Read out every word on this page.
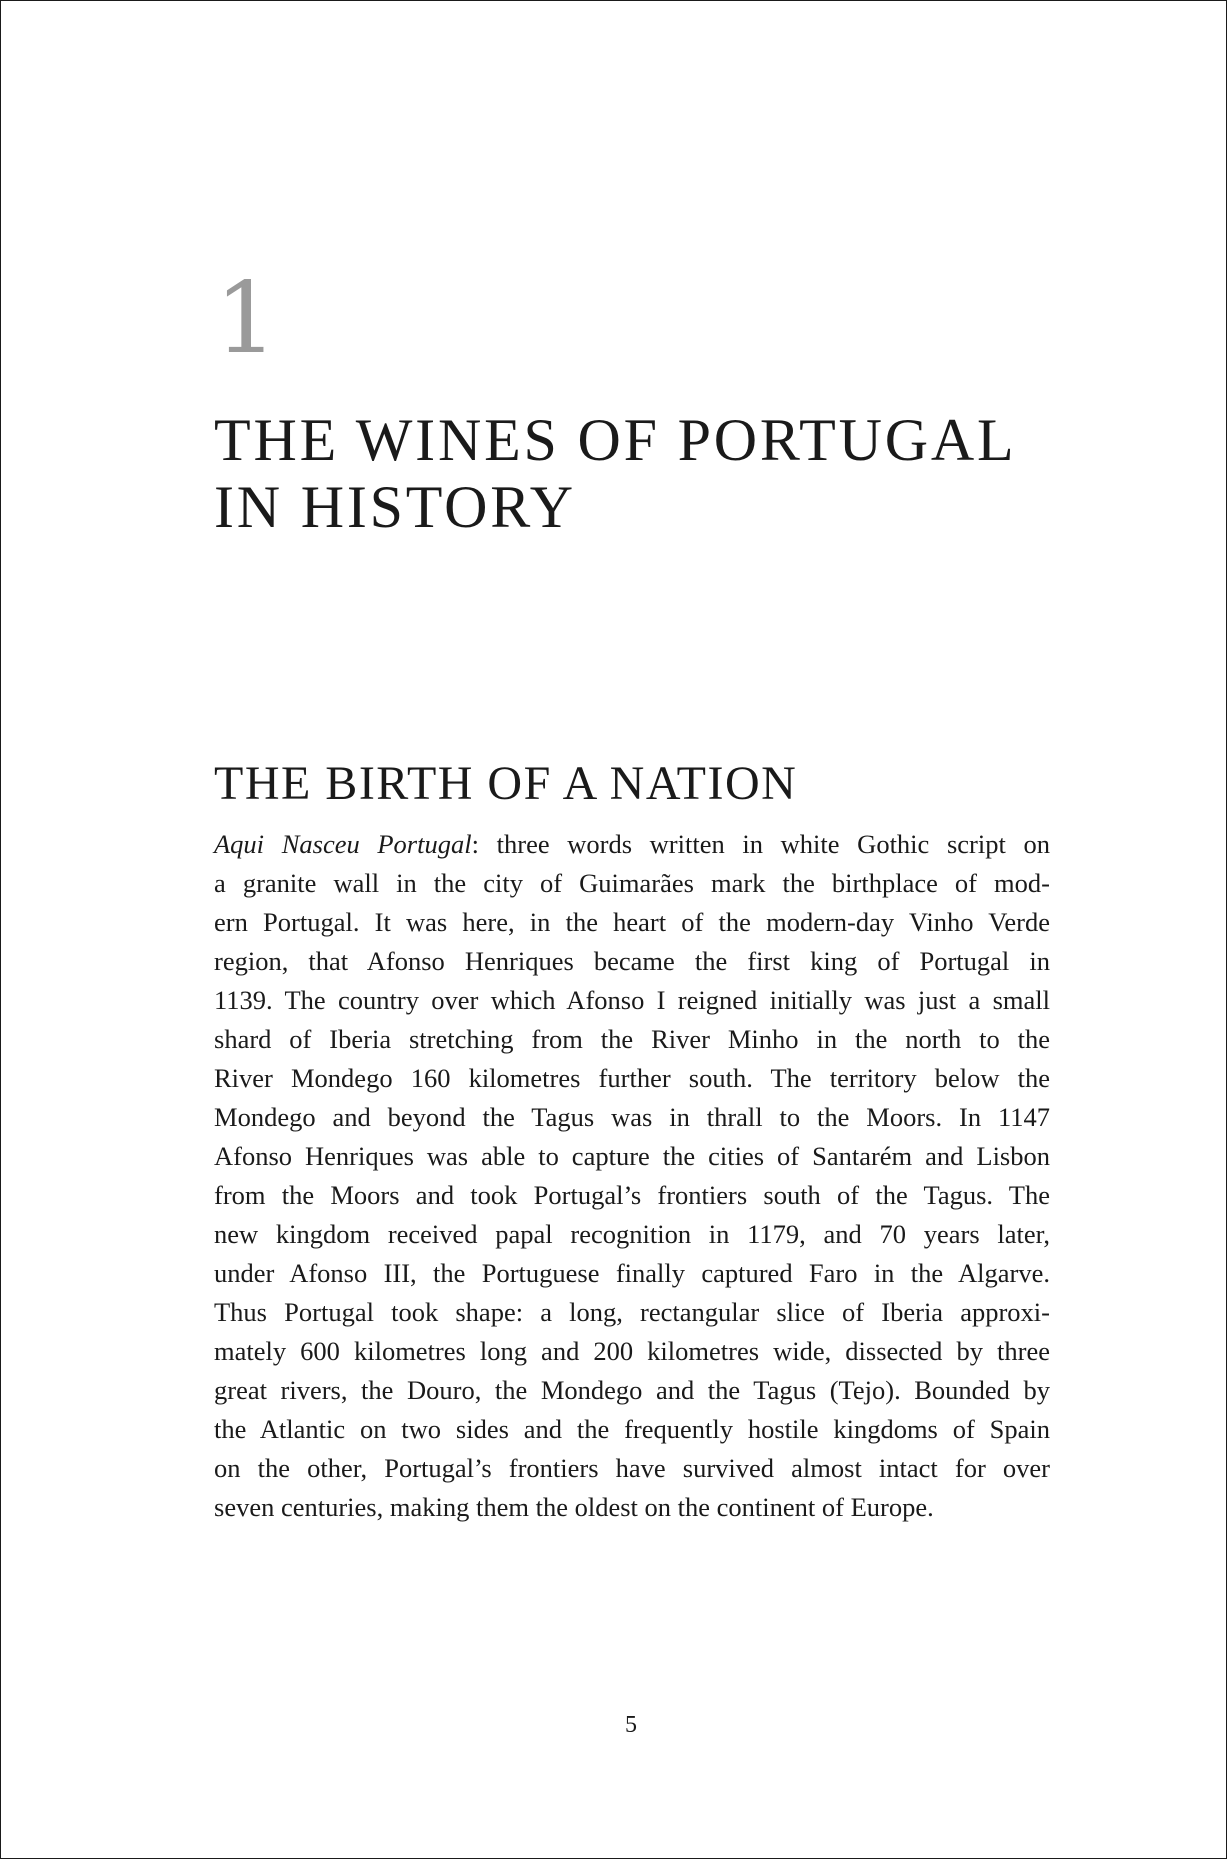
1
THE WINES OF PORTUGAL
IN HISTORY
THE BIRTH OF A NATION
Aqui Nasceu Portugal: three words written in white Gothic script on
a granite wall in the city of Guimarães mark the birthplace of mod-
ern Portugal. It was here, in the heart of the modern-day Vinho Verde
region, that Afonso Henriques became the first king of Portugal in
1139. The country over which Afonso I reigned initially was just a small
shard of Iberia stretching from the River Minho in the north to the
River Mondego 160 kilometres further south. The territory below the
Mondego and beyond the Tagus was in thrall to the Moors. In 1147
Afonso Henriques was able to capture the cities of Santarém and Lisbon
from the Moors and took Portugal’s frontiers south of the Tagus. The
new kingdom received papal recognition in 1179, and 70 years later,
under Afonso III, the Portuguese finally captured Faro in the Algarve.
Thus Portugal took shape: a long, rectangular slice of Iberia approxi-
mately 600 kilometres long and 200 kilometres wide, dissected by three
great rivers, the Douro, the Mondego and the Tagus (Tejo). Bounded by
the Atlantic on two sides and the frequently hostile kingdoms of Spain
on the other, Portugal’s frontiers have survived almost intact for over
seven centuries, making them the oldest on the continent of Europe.
5
